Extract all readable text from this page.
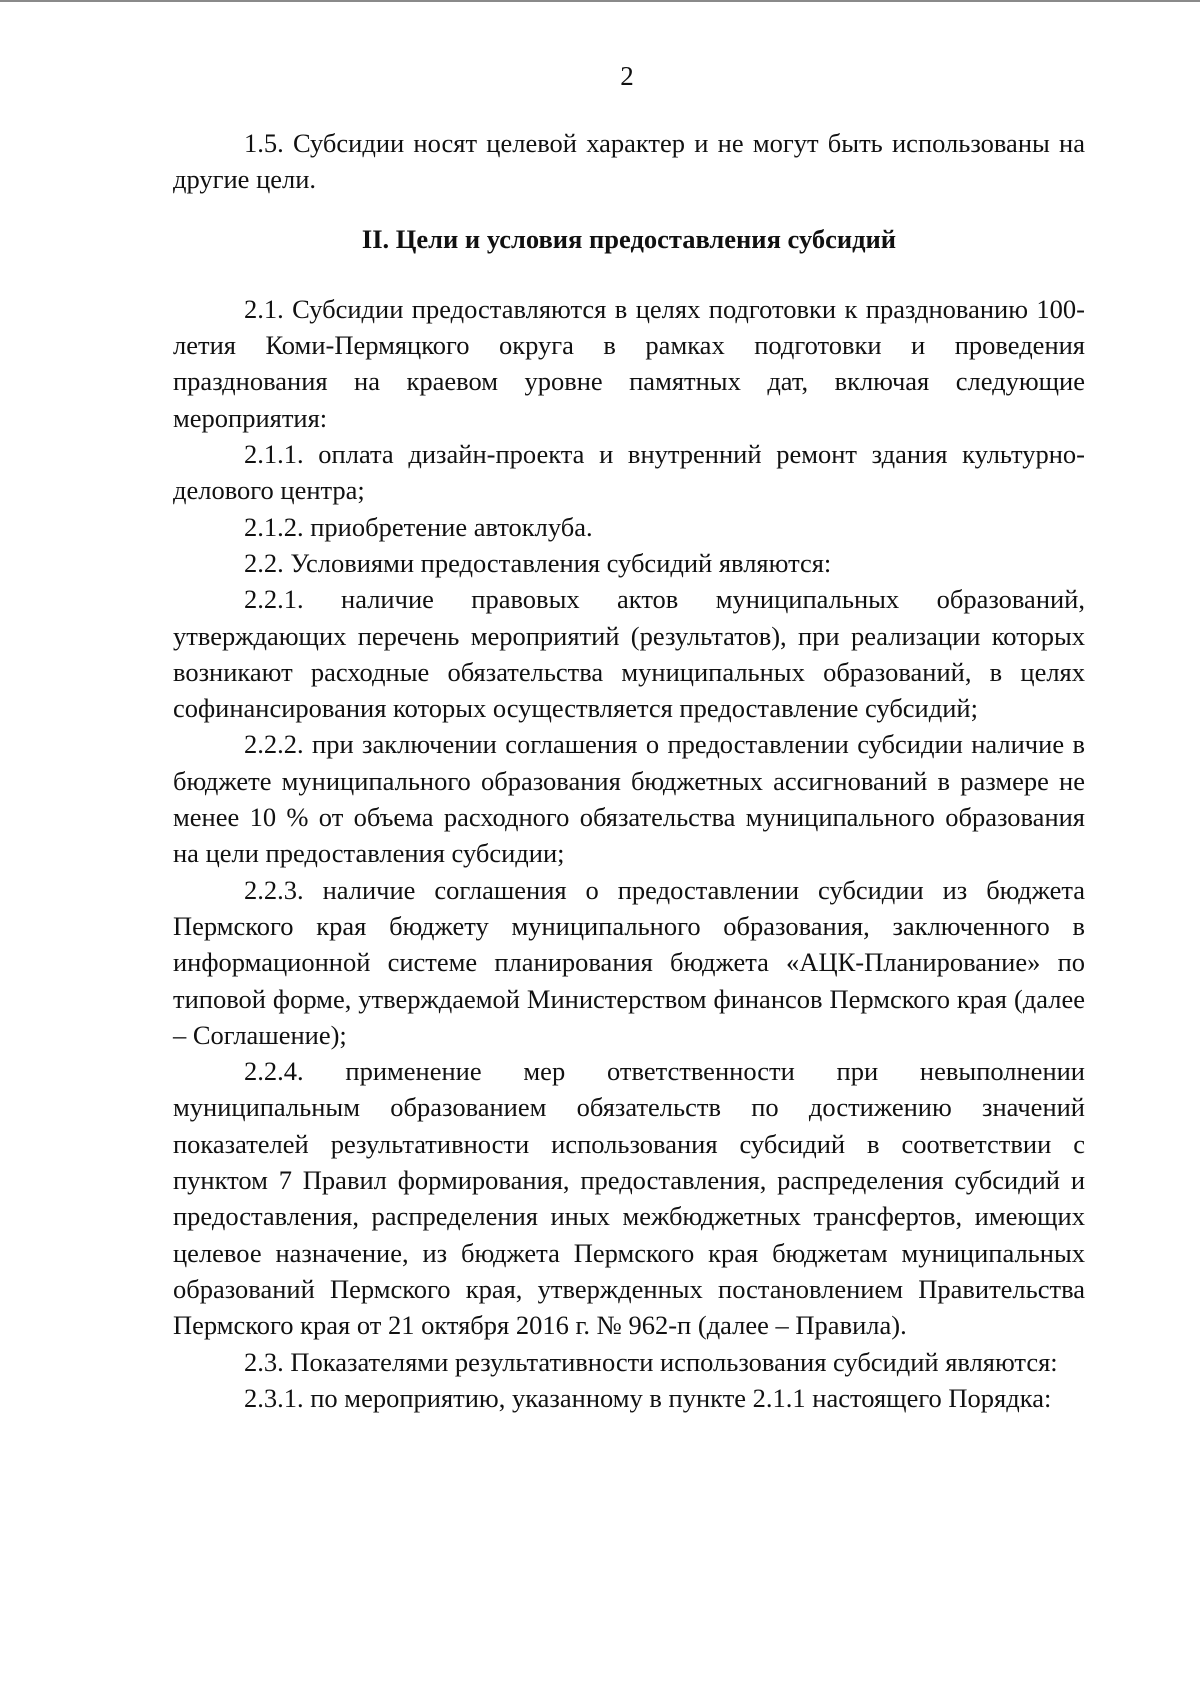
2

1.5. Субсидии носят целевой характер и не могут быть использованы на другие цели.

II. Цели и условия предоставления субсидий

2.1. Субсидии предоставляются в целях подготовки к празднованию 100-летия Коми-Пермяцкого округа в рамках подготовки и проведения празднования на краевом уровне памятных дат, включая следующие мероприятия:

2.1.1. оплата дизайн-проекта и внутренний ремонт здания культурно-делового центра;

2.1.2. приобретение автоклуба.

2.2. Условиями предоставления субсидий являются:

2.2.1. наличие правовых актов муниципальных образований, утверждающих перечень мероприятий (результатов), при реализации которых возникают расходные обязательства муниципальных образований, в целях софинансирования которых осуществляется предоставление субсидий;

2.2.2. при заключении соглашения о предоставлении субсидии наличие в бюджете муниципального образования бюджетных ассигнований в размере не менее 10 % от объема расходного обязательства муниципального образования на цели предоставления субсидии;

2.2.3. наличие соглашения о предоставлении субсидии из бюджета Пермского края бюджету муниципального образования, заключенного в информационной системе планирования бюджета «АЦК-Планирование» по типовой форме, утверждаемой Министерством финансов Пермского края (далее – Соглашение);

2.2.4. применение мер ответственности при невыполнении муниципальным образованием обязательств по достижению значений показателей результативности использования субсидий в соответствии с пунктом 7 Правил формирования, предоставления, распределения субсидий и предоставления, распределения иных межбюджетных трансфертов, имеющих целевое назначение, из бюджета Пермского края бюджетам муниципальных образований Пермского края, утвержденных постановлением Правительства Пермского края от 21 октября 2016 г. № 962-п (далее – Правила).

2.3. Показателями результативности использования субсидий являются:

2.3.1. по мероприятию, указанному в пункте 2.1.1 настоящего Порядка:
